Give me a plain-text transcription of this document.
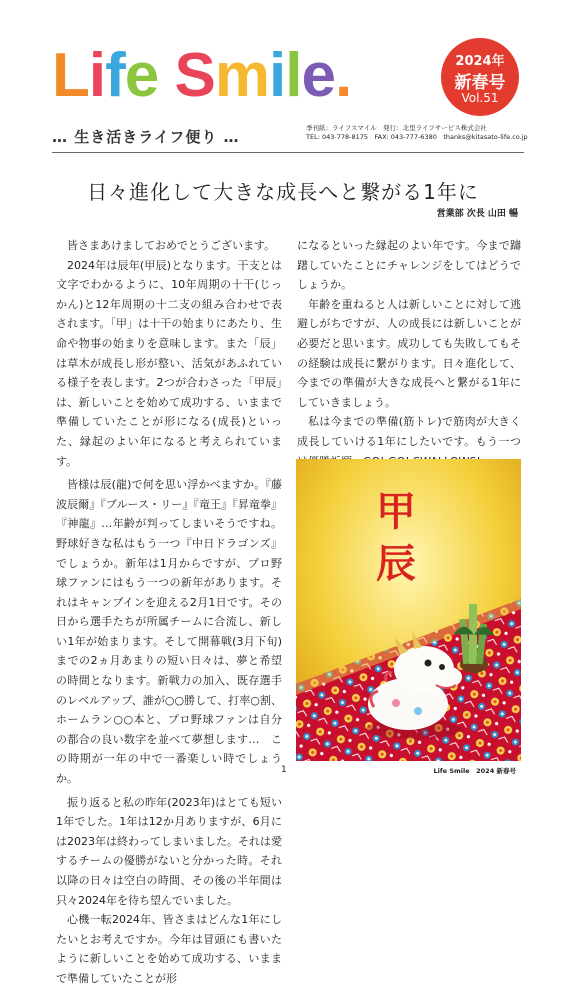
Life Smile.
… 生き活きライフ便り …
2024年
新春号
Vol.51
季刊紙：ライフスマイル　発行：北里ライフサービス株式会社
TEL: 043-778-8175　FAX: 043-777-6380　thanks@kitasato-life.co.jp
日々進化して大きな成長へと繋がる1年に
営業部 次長 山田 暢

皆さまあけましておめでとうございます。

2024年は辰年(甲辰)となります。干支とは文字でわかるように、10年周期の十干(じっかん)と12年周期の十二支の組み合わせで表されます。「甲」は十干の始まりにあたり、生命や物事の始まりを意味します。また「辰」は草木が成長し形が整い、活気があふれている様子を表します。2つが合わさった「甲辰」は、新しいことを始めて成功する、いままで準備していたことが形になる(成長)といった、縁起のよい年になると考えられています。

皆様は辰(龍)で何を思い浮かべますか。『藤波辰爾』『ブルース・リー』『竜王』『昇竜拳』『神龍』…年齢が判ってしまいそうですね。野球好きな私はもう一つ『中日ドラゴンズ』でしょうか。新年は1月からですが、プロ野球ファンにはもう一つの新年があります。それはキャンプインを迎える2月1日です。その日から選手たちが所属チームに合流し、新しい1年が始まります。そして開幕戦(3月下旬)までの2ヵ月あまりの短い日々は、夢と希望の時間となります。新戦力の加入、既存選手のレベルアップ、誰が○○勝して、打率○割、ホームラン○○本と、プロ野球ファンは自分の都合の良い数字を並べて夢想します…　この時期が一年の中で一番楽しい時でしょうか。

振り返ると私の昨年(2023年)はとても短い1年でした。1年は12か月ありますが、6月には2023年は終わってしまいました。それは愛するチームの優勝がないと分かった時。それ以降の日々は空白の時間、その後の半年間は只々2024年を待ち望んでいました。

心機一転2024年、皆さまはどんな1年にしたいとお考えですか。今年は冒頭にも書いたように新しいことを始めて成功する、いままで準備していたことが形

になるといった縁起のよい年です。今まで躊躇していたことにチャレンジをしてはどうでしょうか。

年齢を重ねると人は新しいことに対して逃避しがちですが、人の成長には新しいことが必要だと思います。成功しても失敗してもその経験は成長に繋がります。日々進化して、今までの準備が大きな成長へと繋がる1年にしていきましょう。

私は今までの準備(筋トレ)で筋肉が大きく成長していける1年にしたいです。もう一つ

甲
辰
1	Life Smile　2024 新春号
